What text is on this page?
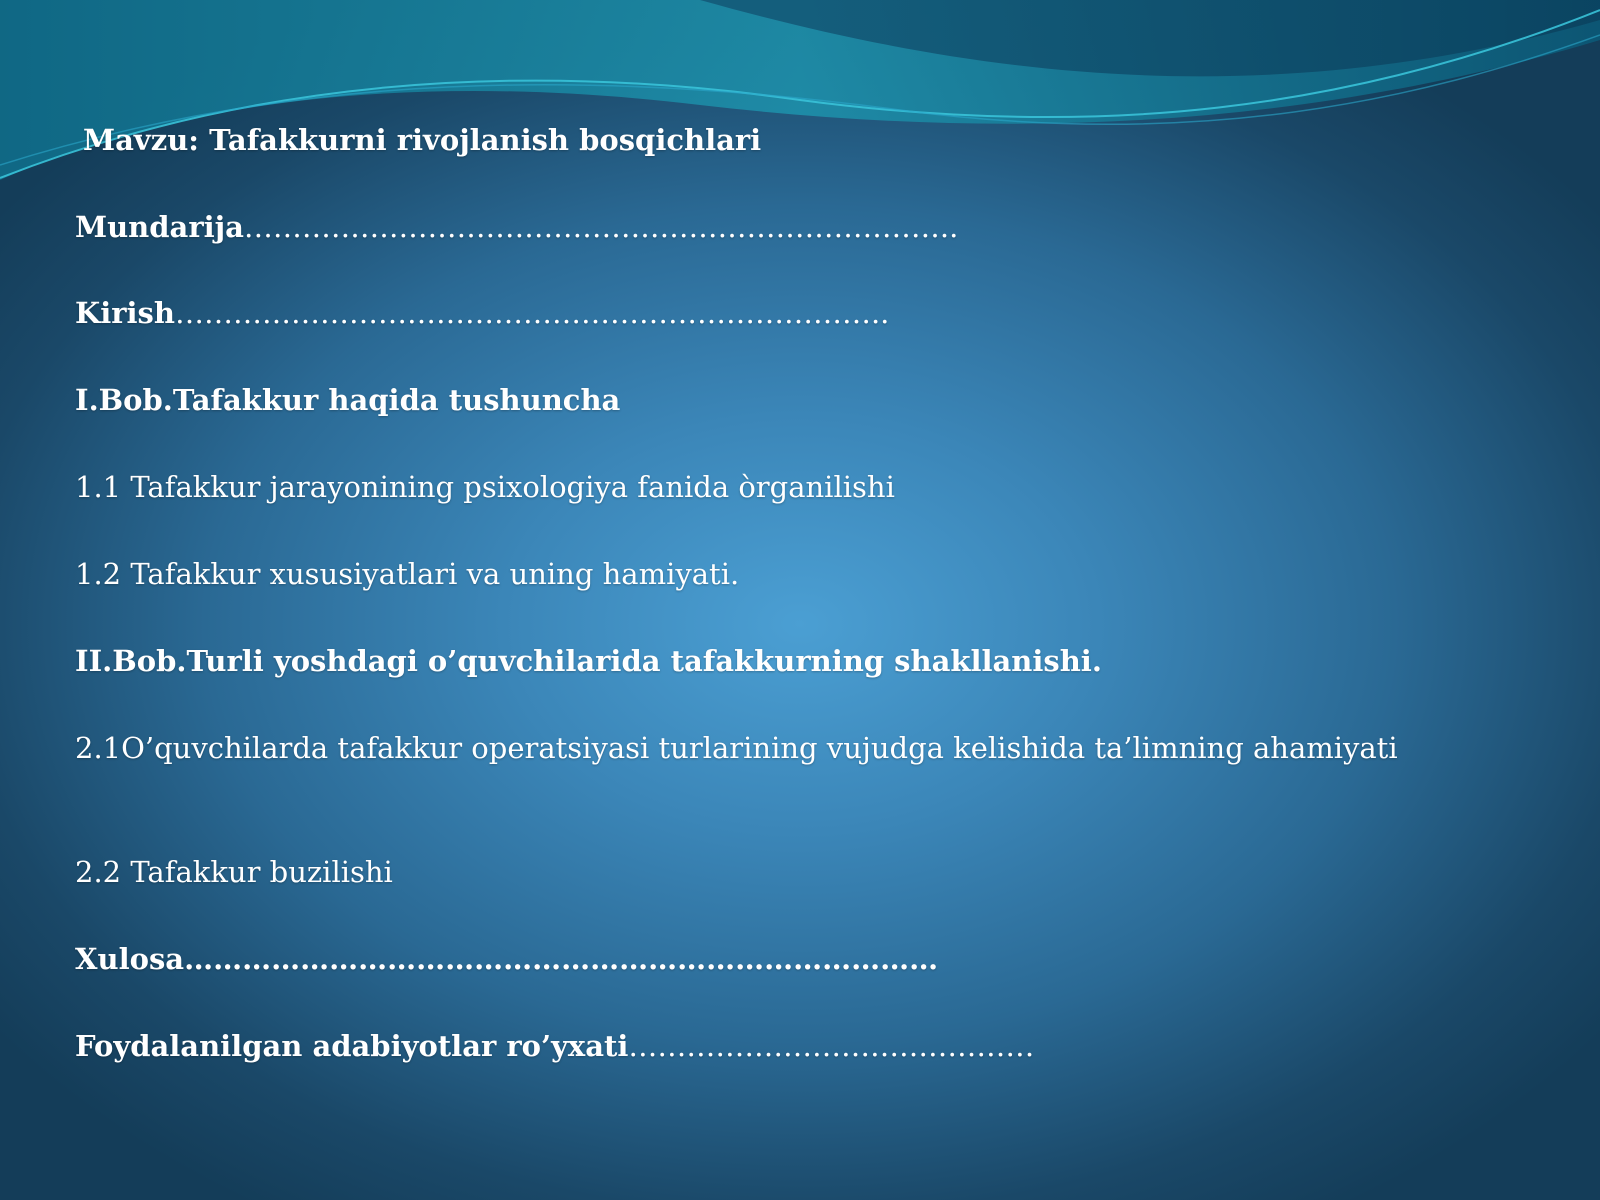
Mavzu: Tafakkurni rivojlanish bosqichlari
Mundarija………………………………………………………………..
Kirish………………………………………………………………..
I.Bob.Tafakkur haqida tushuncha
1.1 Tafakkur jarayonining psixologiya fanida òrganilishi
1.2 Tafakkur xususiyatlari va uning hamiyati.
II.Bob.Turli yoshdagi o’quvchilarida tafakkurning shakllanishi.
2.1O’quvchilarda tafakkur operatsiyasi turlarining vujudga kelishida ta’limning ahamiyati
2.2 Tafakkur buzilishi
Xulosa……………………………………………………………………
Foydalanilgan adabiyotlar ro’yxati……………………………………
